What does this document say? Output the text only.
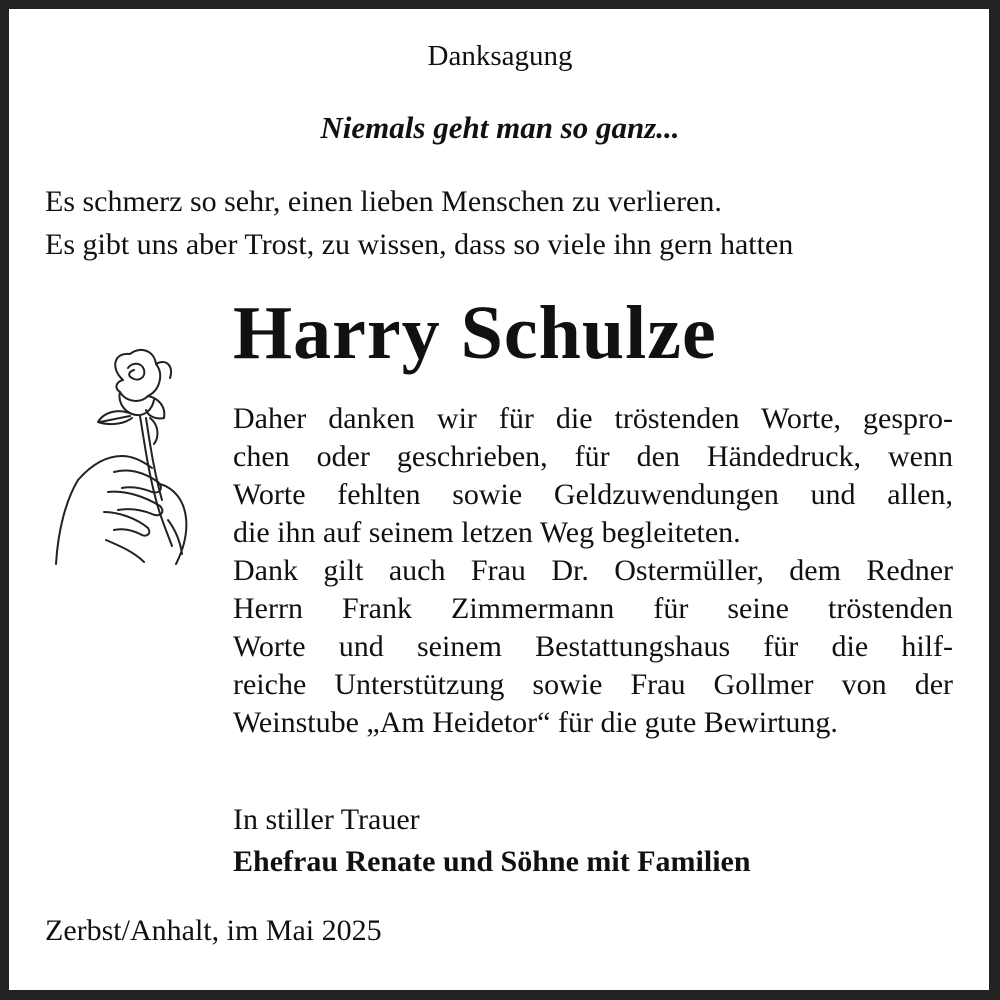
Danksagung
Niemals geht man so ganz...
Es schmerz so sehr, einen lieben Menschen zu verlieren.
Es gibt uns aber Trost, zu wissen, dass so viele ihn gern hatten
Harry Schulze
Daher danken wir für die tröstenden Worte, gespro-
chen oder geschrieben, für den Händedruck, wenn
Worte fehlten sowie Geldzuwendungen und allen,
die ihn auf seinem letzen Weg begleiteten.
Dank gilt auch Frau Dr. Ostermüller, dem Redner
Herrn Frank Zimmermann für seine tröstenden
Worte und seinem Bestattungshaus für die hilf-
reiche Unterstützung sowie Frau Gollmer von der
Weinstube „Am Heidetor“ für die gute Bewirtung.
In stiller Trauer
Ehefrau Renate und Söhne mit Familien
Zerbst/Anhalt, im Mai 2025
